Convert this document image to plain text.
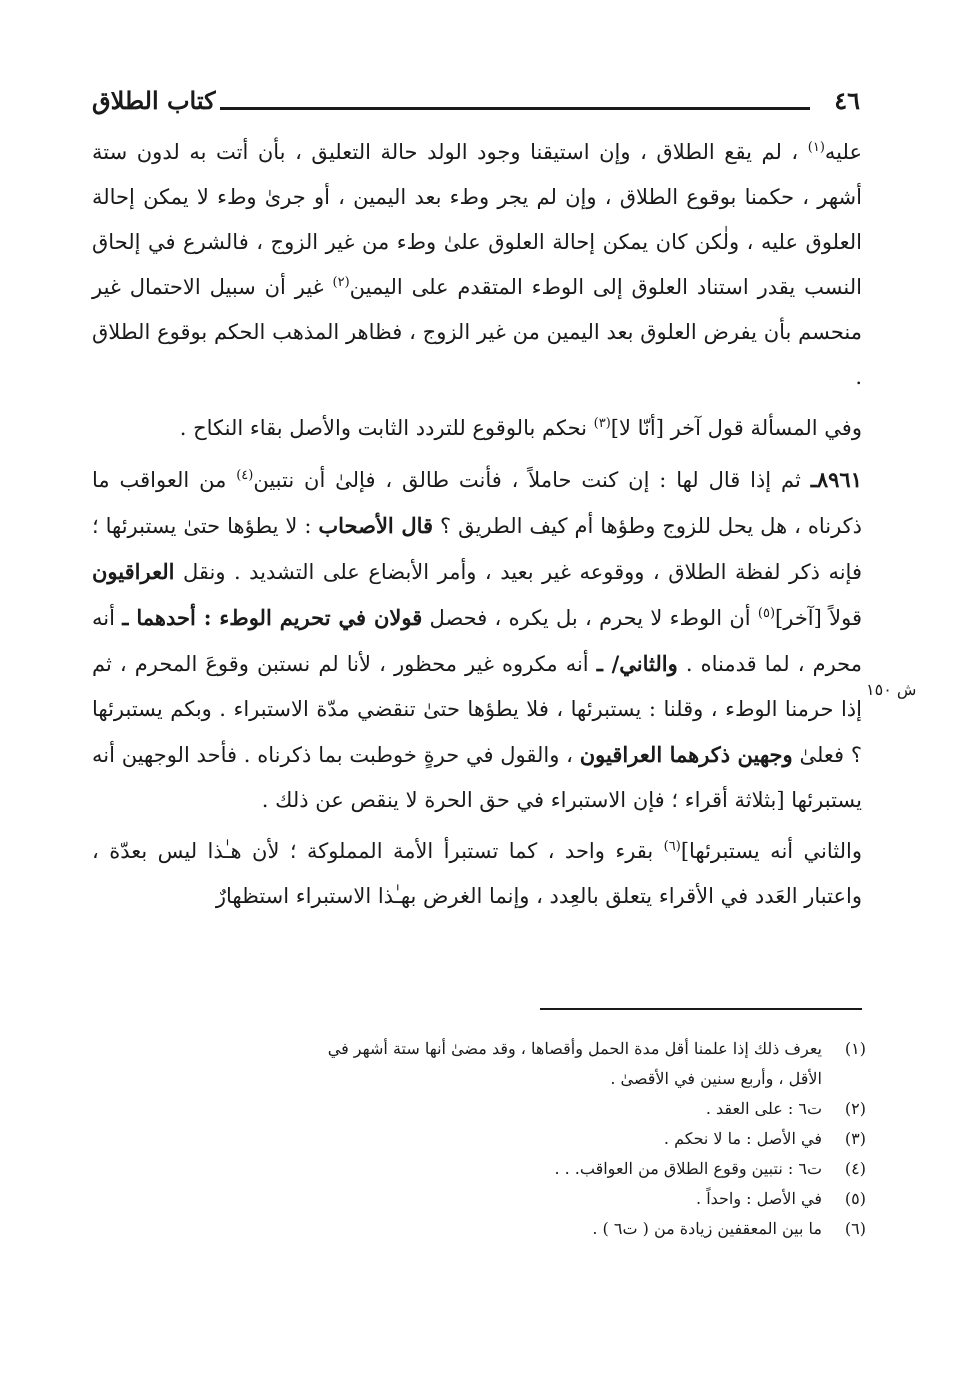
٤٦
كتاب الطلاق
ش ١٥٠

عليه$^{(١)}$ ، لم يقع الطلاق ، وإن استيقنا وجود الولد حالة التعليق ، بأن أتت به لدون ستة أشهر ، حكمنا بوقوع الطلاق ، وإن لم يجر وطء بعد اليمين ، أو جرىٰ وطء لا يمكن إحالة العلوق عليه ، ولٰكن كان يمكن إحالة العلوق علىٰ وطء من غير الزوج ، فالشرع في إلحاق النسب يقدر استناد العلوق إلى الوطء المتقدم على اليمين$^{(٢)}$ غير أن سبيل الاحتمال غير منحسم بأن يفرض العلوق بعد اليمين من غير الزوج ، فظاهر المذهب الحكم بوقوع الطلاق .

وفي المسألة قول آخر [أنّا لا]$^{(٣)}$ نحكم بالوقوع للتردد الثابت والأصل بقاء النكاح .

٨٩٦١ـ ثم إذا قال لها : إن كنت حاملاً ، فأنت طالق ، فإلىٰ أن نتبين$^{(٤)}$ من العواقب ما ذكرناه ، هل يحل للزوج وطؤها أم كيف الطريق ؟ قال الأصحاب : لا يطؤها حتىٰ يستبرئها ؛ فإنه ذكر لفظة الطلاق ، ووقوعه غير بعيد ، وأمر الأبضاع على التشديد . ونقل العراقيون قولاً [آخر]$^{(٥)}$ أن الوطء لا يحرم ، بل يكره ، فحصل قولان في تحريم الوطء : أحدهما ـ أنه محرم ، لما قدمناه . والثاني/ ـ أنه مكروه غير محظور ، لأنا لم نستبن وقوعَ المحرم ، ثم إذا حرمنا الوطء ، وقلنا : يستبرئها ، فلا يطؤها حتىٰ تنقضي مدّة الاستبراء . وبكم يستبرئها ؟ فعلىٰ وجهين ذكرهما العراقيون ، والقول في حرةٍ خوطبت بما ذكرناه . فأحد الوجهين أنه يستبرئها [بثلاثة أقراء ؛ فإن الاستبراء في حق الحرة لا ينقص عن ذلك .

والثاني أنه يستبرئها]$^{(٦)}$ بقرء واحد ، كما تستبرأ الأمة المملوكة ؛ لأن هـٰذا ليس بعدّة ، واعتبار العَدد في الأقراء يتعلق بالعِدد ، وإنما الغرض بهـٰذا الاستبراء استظهارٌ

(١)
يعرف ذلك إذا علمنا أقل مدة الحمل وأقصاها ، وقد مضىٰ أنها ستة أشهر في الأقل ، وأربع سنين في الأقصىٰ .
(٢)
ت٦ : على العقد .
(٣)
في الأصل : ما لا نحكم .
(٤)
ت٦ : نتبين وقوع الطلاق من العواقب. . .
(٥)
في الأصل : واحداً .
(٦)
ما بين المعقفين زيادة من ( ت٦ ) .
